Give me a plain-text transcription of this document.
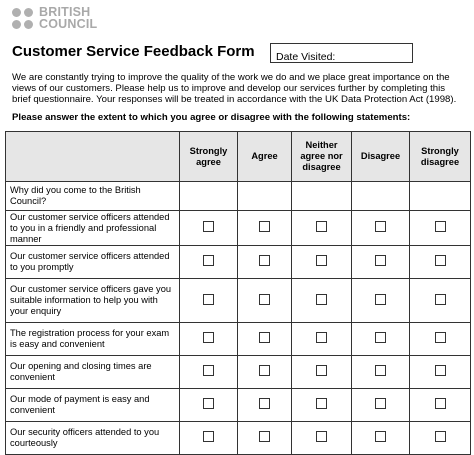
BRITISH
COUNCIL
Customer Service Feedback Form	Date Visited:
We are constantly trying to improve the quality of the work we do and we place great importance on the views of our customers. Please help us to improve and develop our services further by completing this brief questionnaire. Your responses will be treated in accordance with the UK Data Protection Act (1998).
Please answer the extent to which you agree or disagree with the following statements:
	Strongly agree	Agree	Neither agree nor disagree	Disagree	Strongly disagree
Why did you come to the British Council?					
Our customer service officers attended to you in a friendly and professional manner					
Our customer service officers attended to you promptly					
Our customer service officers gave you suitable information to help you with your enquiry					
The registration process for your exam is easy and convenient					
Our opening and closing times are convenient					
Our mode of payment is easy and convenient					
Our security officers attended to you courteously					
